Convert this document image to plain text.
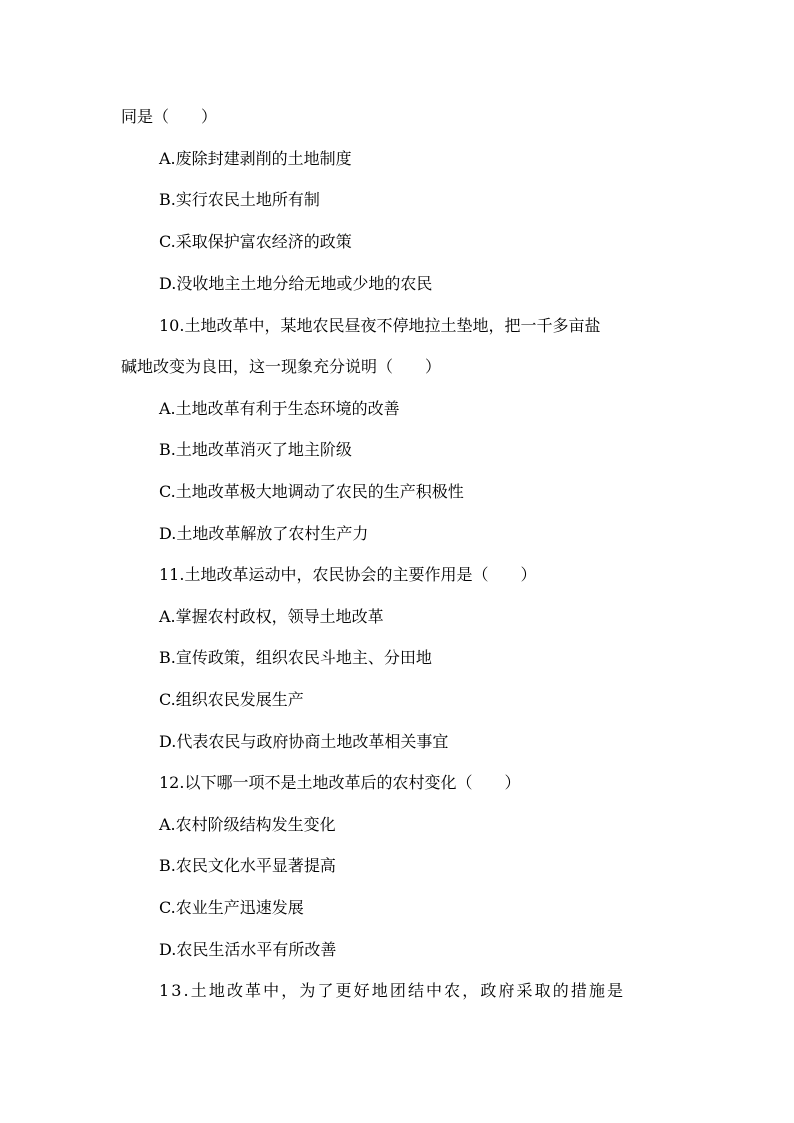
同是（　　）
A.废除封建剥削的土地制度
B.实行农民土地所有制
C.采取保护富农经济的政策
D.没收地主土地分给无地或少地的农民
10.土地改革中，某地农民昼夜不停地拉土垫地，把一千多亩盐
碱地改变为良田，这一现象充分说明（　　）
A.土地改革有利于生态环境的改善
B.土地改革消灭了地主阶级
C.土地改革极大地调动了农民的生产积极性
D.土地改革解放了农村生产力
11.土地改革运动中，农民协会的主要作用是（　　）
A.掌握农村政权，领导土地改革
B.宣传政策，组织农民斗地主、分田地
C.组织农民发展生产
D.代表农民与政府协商土地改革相关事宜
12.以下哪一项不是土地改革后的农村变化（　　）
A.农村阶级结构发生变化
B.农民文化水平显著提高
C.农业生产迅速发展
D.农民生活水平有所改善
13.土地改革中，为了更好地团结中农，政府采取的措施是
